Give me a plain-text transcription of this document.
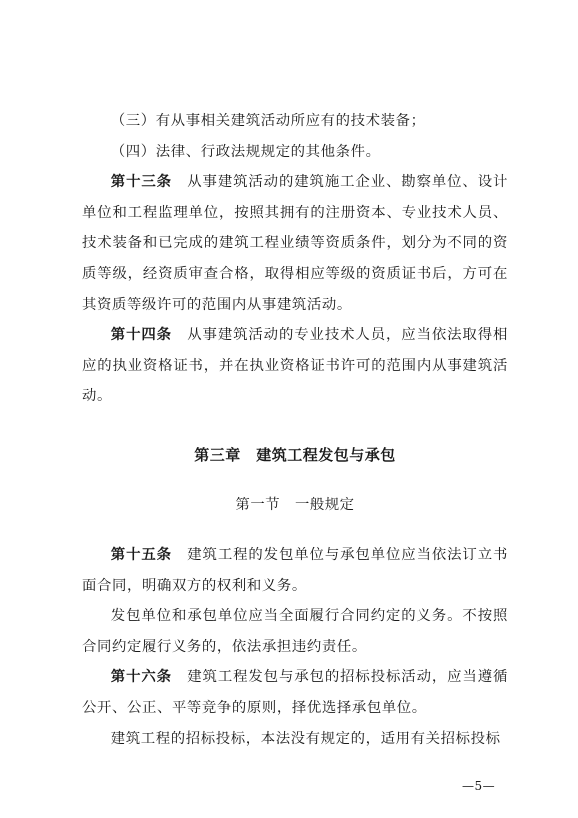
（三）有从事相关建筑活动所应有的技术装备；

（四）法律、行政法规规定的其他条件。

第十三条　从事建筑活动的建筑施工企业、勘察单位、设计单位和工程监理单位，按照其拥有的注册资本、专业技术人员、技术装备和已完成的建筑工程业绩等资质条件，划分为不同的资质等级，经资质审查合格，取得相应等级的资质证书后，方可在其资质等级许可的范围内从事建筑活动。

第十四条　从事建筑活动的专业技术人员，应当依法取得相应的执业资格证书，并在执业资格证书许可的范围内从事建筑活动。

第三章　建筑工程发包与承包
第一节　一般规定

第十五条　建筑工程的发包单位与承包单位应当依法订立书面合同，明确双方的权利和义务。

发包单位和承包单位应当全面履行合同约定的义务。不按照合同约定履行义务的，依法承担违约责任。

第十六条　建筑工程发包与承包的招标投标活动，应当遵循公开、公正、平等竞争的原则，择优选择承包单位。

建筑工程的招标投标，本法没有规定的，适用有关招标投标

—5—
